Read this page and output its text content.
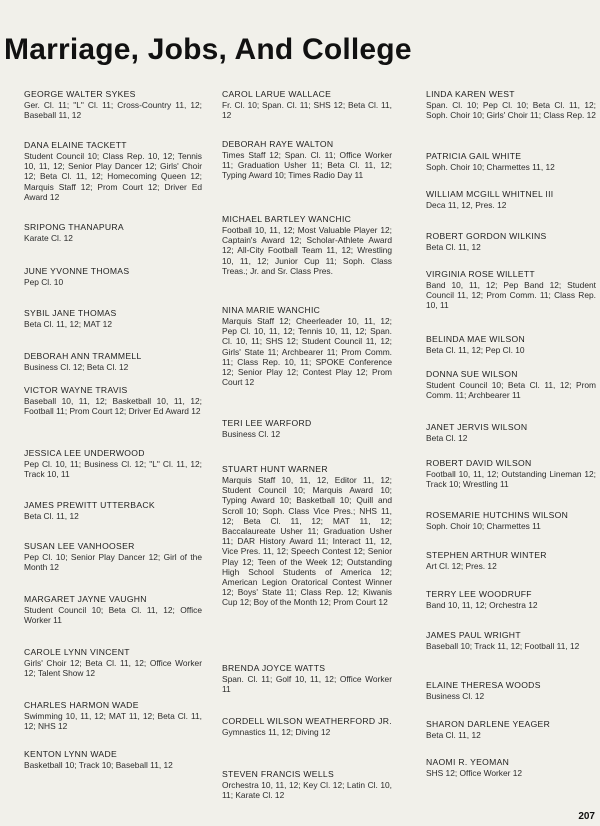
Marriage, Jobs, And College
GEORGE WALTER SYKES
Ger. Cl. 11; "L" Cl. 11; Cross-Country 11, 12; Baseball 11, 12
DANA ELAINE TACKETT
Student Council 10; Class Rep. 10, 12; Tennis 10, 11, 12; Senior Play Dancer 12; Girls' Choir 12; Beta Cl. 11, 12; Homecoming Queen 12; Marquis Staff 12; Prom Court 12; Driver Ed Award 12
SRIPONG THANAPURA
Karate Cl. 12
JUNE YVONNE THOMAS
Pep Cl. 10
SYBIL JANE THOMAS
Beta Cl. 11, 12; MAT 12
DEBORAH ANN TRAMMELL
Business Cl. 12; Beta Cl. 12
VICTOR WAYNE TRAVIS
Baseball 10, 11, 12; Basketball 10, 11, 12; Football 11; Prom Court 12; Driver Ed Award 12
JESSICA LEE UNDERWOOD
Pep Cl. 10, 11; Business Cl. 12; "L" Cl. 11, 12; Track 10, 11
JAMES PREWITT UTTERBACK
Beta Cl. 11, 12
SUSAN LEE VANHOOSER
Pep Cl. 10; Senior Play Dancer 12; Girl of the Month 12
MARGARET JAYNE VAUGHN
Student Council 10; Beta Cl. 11, 12; Office Worker 11
CAROLE LYNN VINCENT
Girls' Choir 12; Beta Cl. 11, 12; Office Worker 12; Talent Show 12
CHARLES HARMON WADE
Swimming 10, 11, 12; MAT 11, 12; Beta Cl. 11, 12; NHS 12
KENTON LYNN WADE
Basketball 10; Track 10; Baseball 11, 12
CAROL LARUE WALLACE
Fr. Cl. 10; Span. Cl. 11; SHS 12; Beta Cl. 11, 12
DEBORAH RAYE WALTON
Times Staff 12; Span. Cl. 11; Office Worker 11; Graduation Usher 11; Beta Cl. 11, 12; Typing Award 10; Times Radio Day 11
MICHAEL BARTLEY WANCHIC
Football 10, 11, 12; Most Valuable Player 12; Captain's Award 12; Scholar-Athlete Award 12; All-City Football Team 11, 12; Wrestling 10, 11, 12; Junior Cup 11; Soph. Class Treas.; Jr. and Sr. Class Pres.
NINA MARIE WANCHIC
Marquis Staff 12; Cheerleader 10, 11, 12; Pep Cl. 10, 11, 12; Tennis 10, 11, 12; Span. Cl. 10, 11; SHS 12; Student Council 11, 12; Girls' State 11; Archbearer 11; Prom Comm. 11; Class Rep. 10, 11; SPOKE Conference 12; Senior Play 12; Contest Play 12; Prom Court 12
TERI LEE WARFORD
Business Cl. 12
STUART HUNT WARNER
Marquis Staff 10, 11, 12, Editor 11, 12; Student Council 10; Marquis Award 10; Typing Award 10; Basketball 10; Quill and Scroll 10; Soph. Class Vice Pres.; NHS 11, 12; Beta Cl. 11, 12; MAT 11, 12; Baccalaureate Usher 11; Graduation Usher 11; DAR History Award 11; Interact 11, 12, Vice Pres. 11, 12; Speech Contest 12; Senior Play 12; Teen of the Week 12; Outstanding High School Students of America 12; American Legion Oratorical Contest Winner 12; Boys' State 11; Class Rep. 12; Kiwanis Cup 12; Boy of the Month 12; Prom Court 12
BRENDA JOYCE WATTS
Span. Cl. 11; Golf 10, 11, 12; Office Worker 11
CORDELL WILSON WEATHERFORD JR.
Gymnastics 11, 12; Diving 12
STEVEN FRANCIS WELLS
Orchestra 10, 11, 12; Key Cl. 12; Latin Cl. 10, 11; Karate Cl. 12
LINDA KAREN WEST
Span. Cl. 10; Pep Cl. 10; Beta Cl. 11, 12; Soph. Choir 10; Girls' Choir 11; Class Rep. 12
PATRICIA GAIL WHITE
Soph. Choir 10; Charmettes 11, 12
WILLIAM MCGILL WHITNEL III
Deca 11, 12, Pres. 12
ROBERT GORDON WILKINS
Beta Cl. 11, 12
VIRGINIA ROSE WILLETT
Band 10, 11, 12; Pep Band 12; Student Council 11, 12; Prom Comm. 11; Class Rep. 10, 11
BELINDA MAE WILSON
Beta Cl. 11, 12; Pep Cl. 10
DONNA SUE WILSON
Student Council 10; Beta Cl. 11, 12; Prom Comm. 11; Archbearer 11
JANET JERVIS WILSON
Beta Cl. 12
ROBERT DAVID WILSON
Football 10, 11, 12; Outstanding Lineman 12; Track 10; Wrestling 11
ROSEMARIE HUTCHINS WILSON
Soph. Choir 10; Charmettes 11
STEPHEN ARTHUR WINTER
Art Cl. 12; Pres. 12
TERRY LEE WOODRUFF
Band 10, 11, 12; Orchestra 12
JAMES PAUL WRIGHT
Baseball 10; Track 11, 12; Football 11, 12
ELAINE THERESA WOODS
Business Cl. 12
SHARON DARLENE YEAGER
Beta Cl. 11, 12
NAOMI R. YEOMAN
SHS 12; Office Worker 12
207
